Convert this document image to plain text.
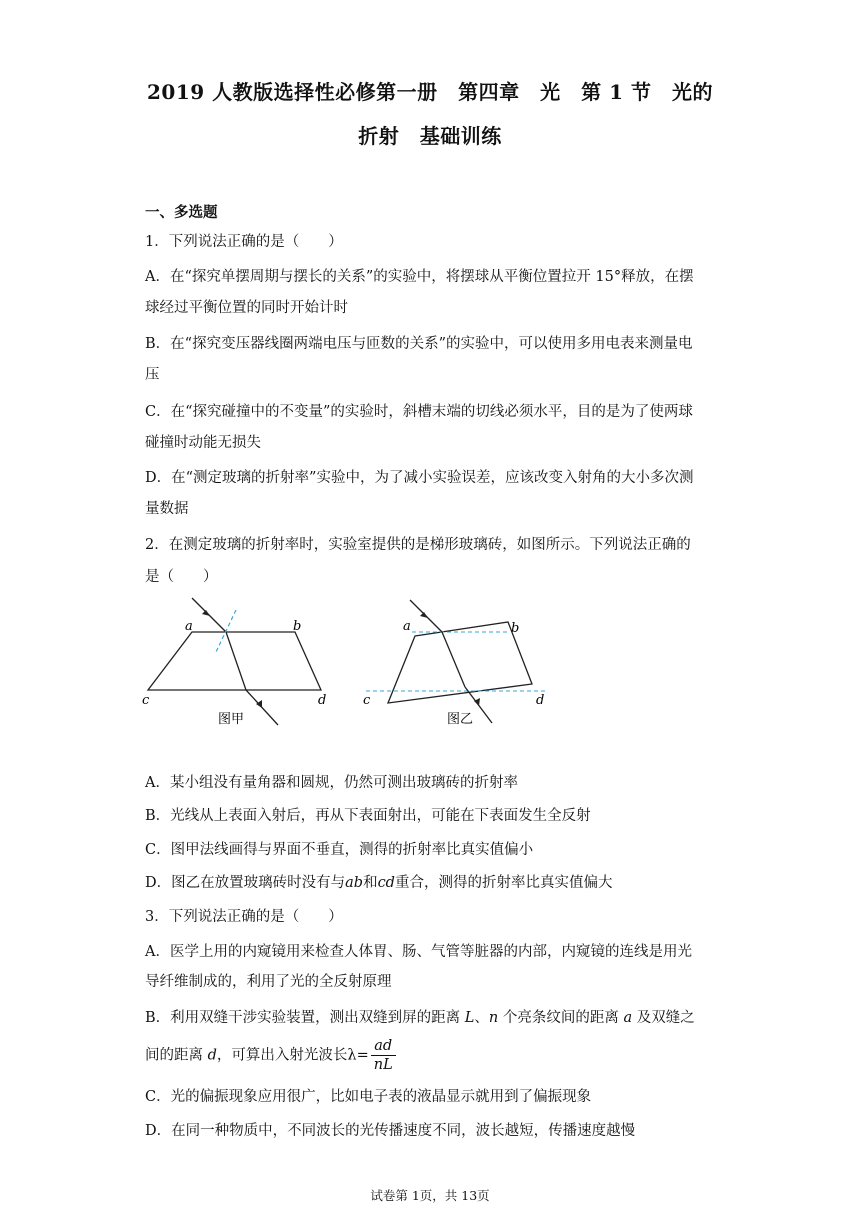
2019 人教版选择性必修第一册　第四章　光　第 1 节　光的
折射　基础训练
一、多选题
1．下列说法正确的是（　　）
A．在“探究单摆周期与摆长的关系”的实验中，将摆球从平衡位置拉开 15°释放，在摆
球经过平衡位置的同时开始计时
B．在“探究变压器线圈两端电压与匝数的关系”的实验中，可以使用多用电表来测量电
压
C．在“探究碰撞中的不变量”的实验时，斜槽末端的切线必须水平，目的是为了使两球
碰撞时动能无损失
D．在“测定玻璃的折射率”实验中，为了减小实验误差，应该改变入射角的大小多次测
量数据
2．在测定玻璃的折射率时，实验室提供的是梯形玻璃砖，如图所示。下列说法正确的
是（　　）
a	b
c	d
图甲
a	b
c	d
图乙
A．某小组没有量角器和圆规，仍然可测出玻璃砖的折射率
B．光线从上表面入射后，再从下表面射出，可能在下表面发生全反射
C．图甲法线画得与界面不垂直，测得的折射率比真实值偏小
D．图乙在放置玻璃砖时没有与ab和cd重合，测得的折射率比真实值偏大
3．下列说法正确的是（　　）
A．医学上用的内窥镜用来检查人体胃、肠、气管等脏器的内部，内窥镜的连线是用光
导纤维制成的，利用了光的全反射原理
B．利用双缝干涉实验装置，测出双缝到屏的距离 L、n 个亮条纹间的距离 a 及双缝之
间的距离 d，可算出入射光波长$\lambda= \frac{ad}{nL}$
C．光的偏振现象应用很广，比如电子表的液晶显示就用到了偏振现象
D．在同一种物质中，不同波长的光传播速度不同，波长越短，传播速度越慢
试卷第 1页，共 13页
